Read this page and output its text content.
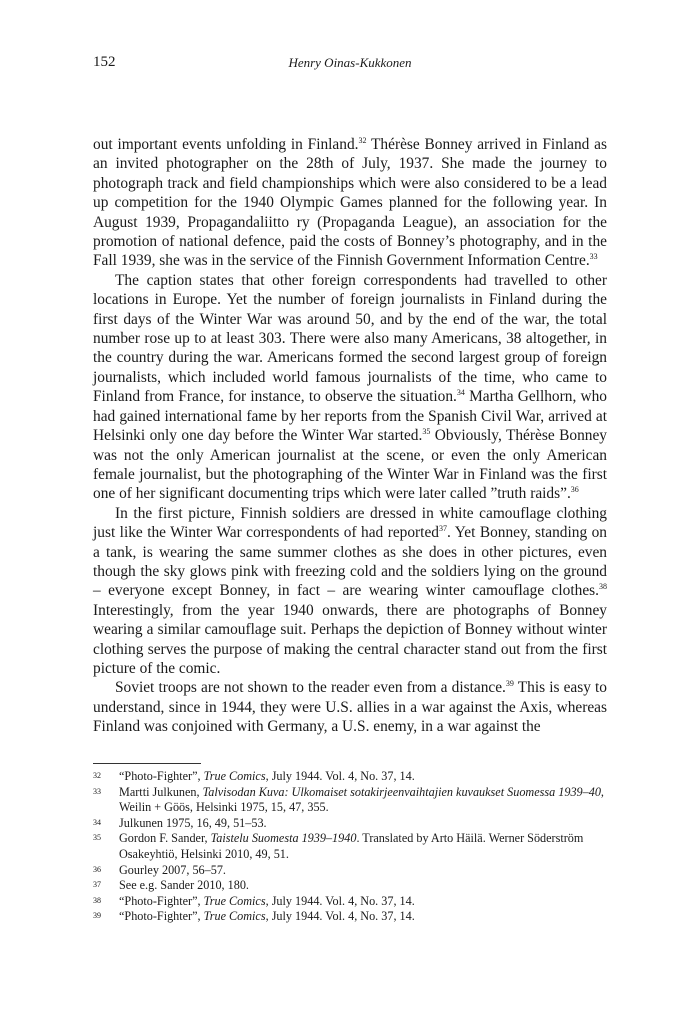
152	Henry Oinas-Kukkonen

out important events unfolding in Finland.$^{32}$ Thérèse Bonney arrived in Finland as an invited photographer on the 28th of July, 1937. She made the journey to photograph track and field championships which were also considered to be a lead up competition for the 1940 Olympic Games planned for the following year. In August 1939, Propagandaliitto ry (Propaganda League), an association for the promotion of national defence, paid the costs of Bonney’s photography, and in the Fall 1939, she was in the service of the Finnish Government Information Centre.$^{33}$

The caption states that other foreign correspondents had travelled to other locations in Europe. Yet the number of foreign journalists in Finland during the first days of the Winter War was around 50, and by the end of the war, the total number rose up to at least 303. There were also many Americans, 38 altogether, in the country during the war. Americans formed the second largest group of foreign journalists, which included world famous journalists of the time, who came to Finland from France, for instance, to observe the situation.$^{34}$ Martha Gellhorn, who had gained international fame by her reports from the Spanish Civil War, arrived at Helsinki only one day before the Winter War started.$^{35}$ Obviously, Thérèse Bonney was not the only American journalist at the scene, or even the only American female journalist, but the photographing of the Winter War in Finland was the first one of her significant documenting trips which were later called ”truth raids”.$^{36}$

In the first picture, Finnish soldiers are dressed in white camouflage clothing just like the Winter War correspondents of had reported$^{37}$. Yet Bonney, standing on a tank, is wearing the same summer clothes as she does in other pictures, even though the sky glows pink with freezing cold and the soldiers lying on the ground – everyone except Bonney, in fact – are wearing winter camouflage clothes.$^{38}$ Interestingly, from the year 1940 onwards, there are photographs of Bonney wearing a similar camouflage suit. Perhaps the depiction of Bonney without winter clothing serves the purpose of making the central character stand out from the first picture of the comic.

Soviet troops are not shown to the reader even from a distance.$^{39}$ This is easy to understand, since in 1944, they were U.S. allies in a war against the Axis, whereas Finland was conjoined with Germany, a U.S. enemy, in a war against the

32	“Photo-Fighter”, True Comics, July 1944. Vol. 4, No. 37, 14.
33	Martti Julkunen, Talvisodan Kuva: Ulkomaiset sotakirjeenvaihtajien kuvaukset Suomessa 1939–40, Weilin + Göös, Helsinki 1975, 15, 47, 355.
34	Julkunen 1975, 16, 49, 51–53.
35	Gordon F. Sander, Taistelu Suomesta 1939–1940. Translated by Arto Häilä. Werner Söderström Osakeyhtiö, Helsinki 2010, 49, 51.
36	Gourley 2007, 56–57.
37	See e.g. Sander 2010, 180.
38	“Photo-Fighter”, True Comics, July 1944. Vol. 4, No. 37, 14.
39	“Photo-Fighter”, True Comics, July 1944. Vol. 4, No. 37, 14.
